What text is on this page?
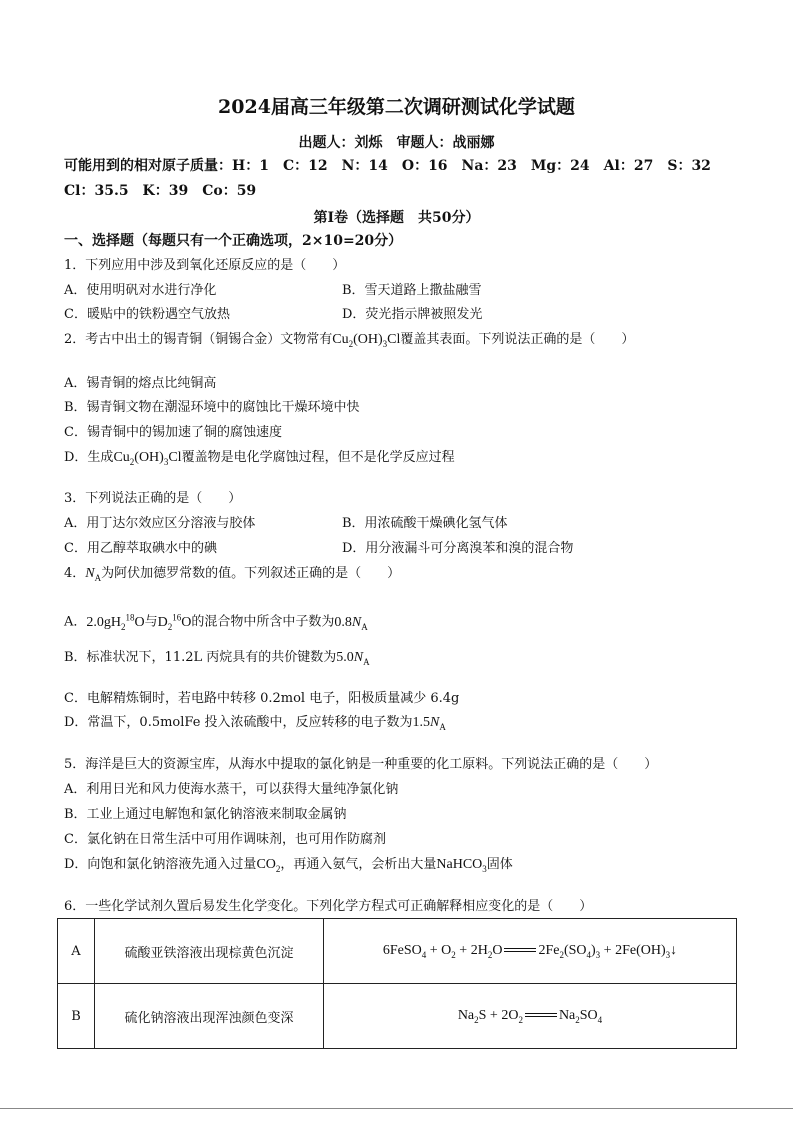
2024届高三年级第二次调研测试化学试题
出题人：刘烁　审题人：战丽娜
可能用到的相对原子质量：H：1　C：12　N：14　O：16　Na：23　Mg：24　Al：27　S：32
Cl：35.5　K：39　Co：59
第Ⅰ卷（选择题　共50分）
一、选择题（每题只有一个正确选项，2×10=20分）
1．下列应用中涉及到氧化还原反应的是（　　）
A．使用明矾对水进行净化	B．雪天道路上撒盐融雪
C．暖贴中的铁粉遇空气放热	D．荧光指示牌被照发光
2．考古中出土的锡青铜（铜锡合金）文物常有$Cu_2(OH)_3Cl$覆盖其表面。下列说法正确的是（　　）
A．锡青铜的熔点比纯铜高
B．锡青铜文物在潮湿环境中的腐蚀比干燥环境中快
C．锡青铜中的锡加速了铜的腐蚀速度
D．生成$Cu_2(OH)_3Cl$覆盖物是电化学腐蚀过程，但不是化学反应过程
3．下列说法正确的是（　　）
A．用丁达尔效应区分溶液与胶体	B．用浓硫酸干燥碘化氢气体
C．用乙醇萃取碘水中的碘	D．用分液漏斗可分离溴苯和溴的混合物
4．$N_A$为阿伏加德罗常数的值。下列叙述正确的是（　　）
A．$2.0gH_2^{18}O$与$D_2^{16}O$的混合物中所含中子数为$0.8N_A$
B．标准状况下，11.2L 丙烷具有的共价键数为$5.0N_A$
C．电解精炼铜时，若电路中转移 0.2mol 电子，阳极质量减少 6.4g
D．常温下，0.5molFe 投入浓硫酸中，反应转移的电子数为$1.5N_A$
5．海洋是巨大的资源宝库，从海水中提取的氯化钠是一种重要的化工原料。下列说法正确的是（　　）
A．利用日光和风力使海水蒸干，可以获得大量纯净氯化钠
B．工业上通过电解饱和氯化钠溶液来制取金属钠
C．氯化钠在日常生活中可用作调味剂，也可用作防腐剂
D．向饱和氯化钠溶液先通入过量$CO_2$，再通入氨气，会析出大量NaHCO$_3$固体
6．一些化学试剂久置后易发生化学变化。下列化学方程式可正确解释相应变化的是（　　）
A	硫酸亚铁溶液出现棕黄色沉淀	6FeSO$_4$ + $O_2 + 2H_2O$ $2Fe_2(SO_4)_3$ + $2Fe(OH)_3↓$
B	硫化钠溶液出现浑浊颜色变深	$Na_2S + 2O_2$ $Na_2SO_4$
